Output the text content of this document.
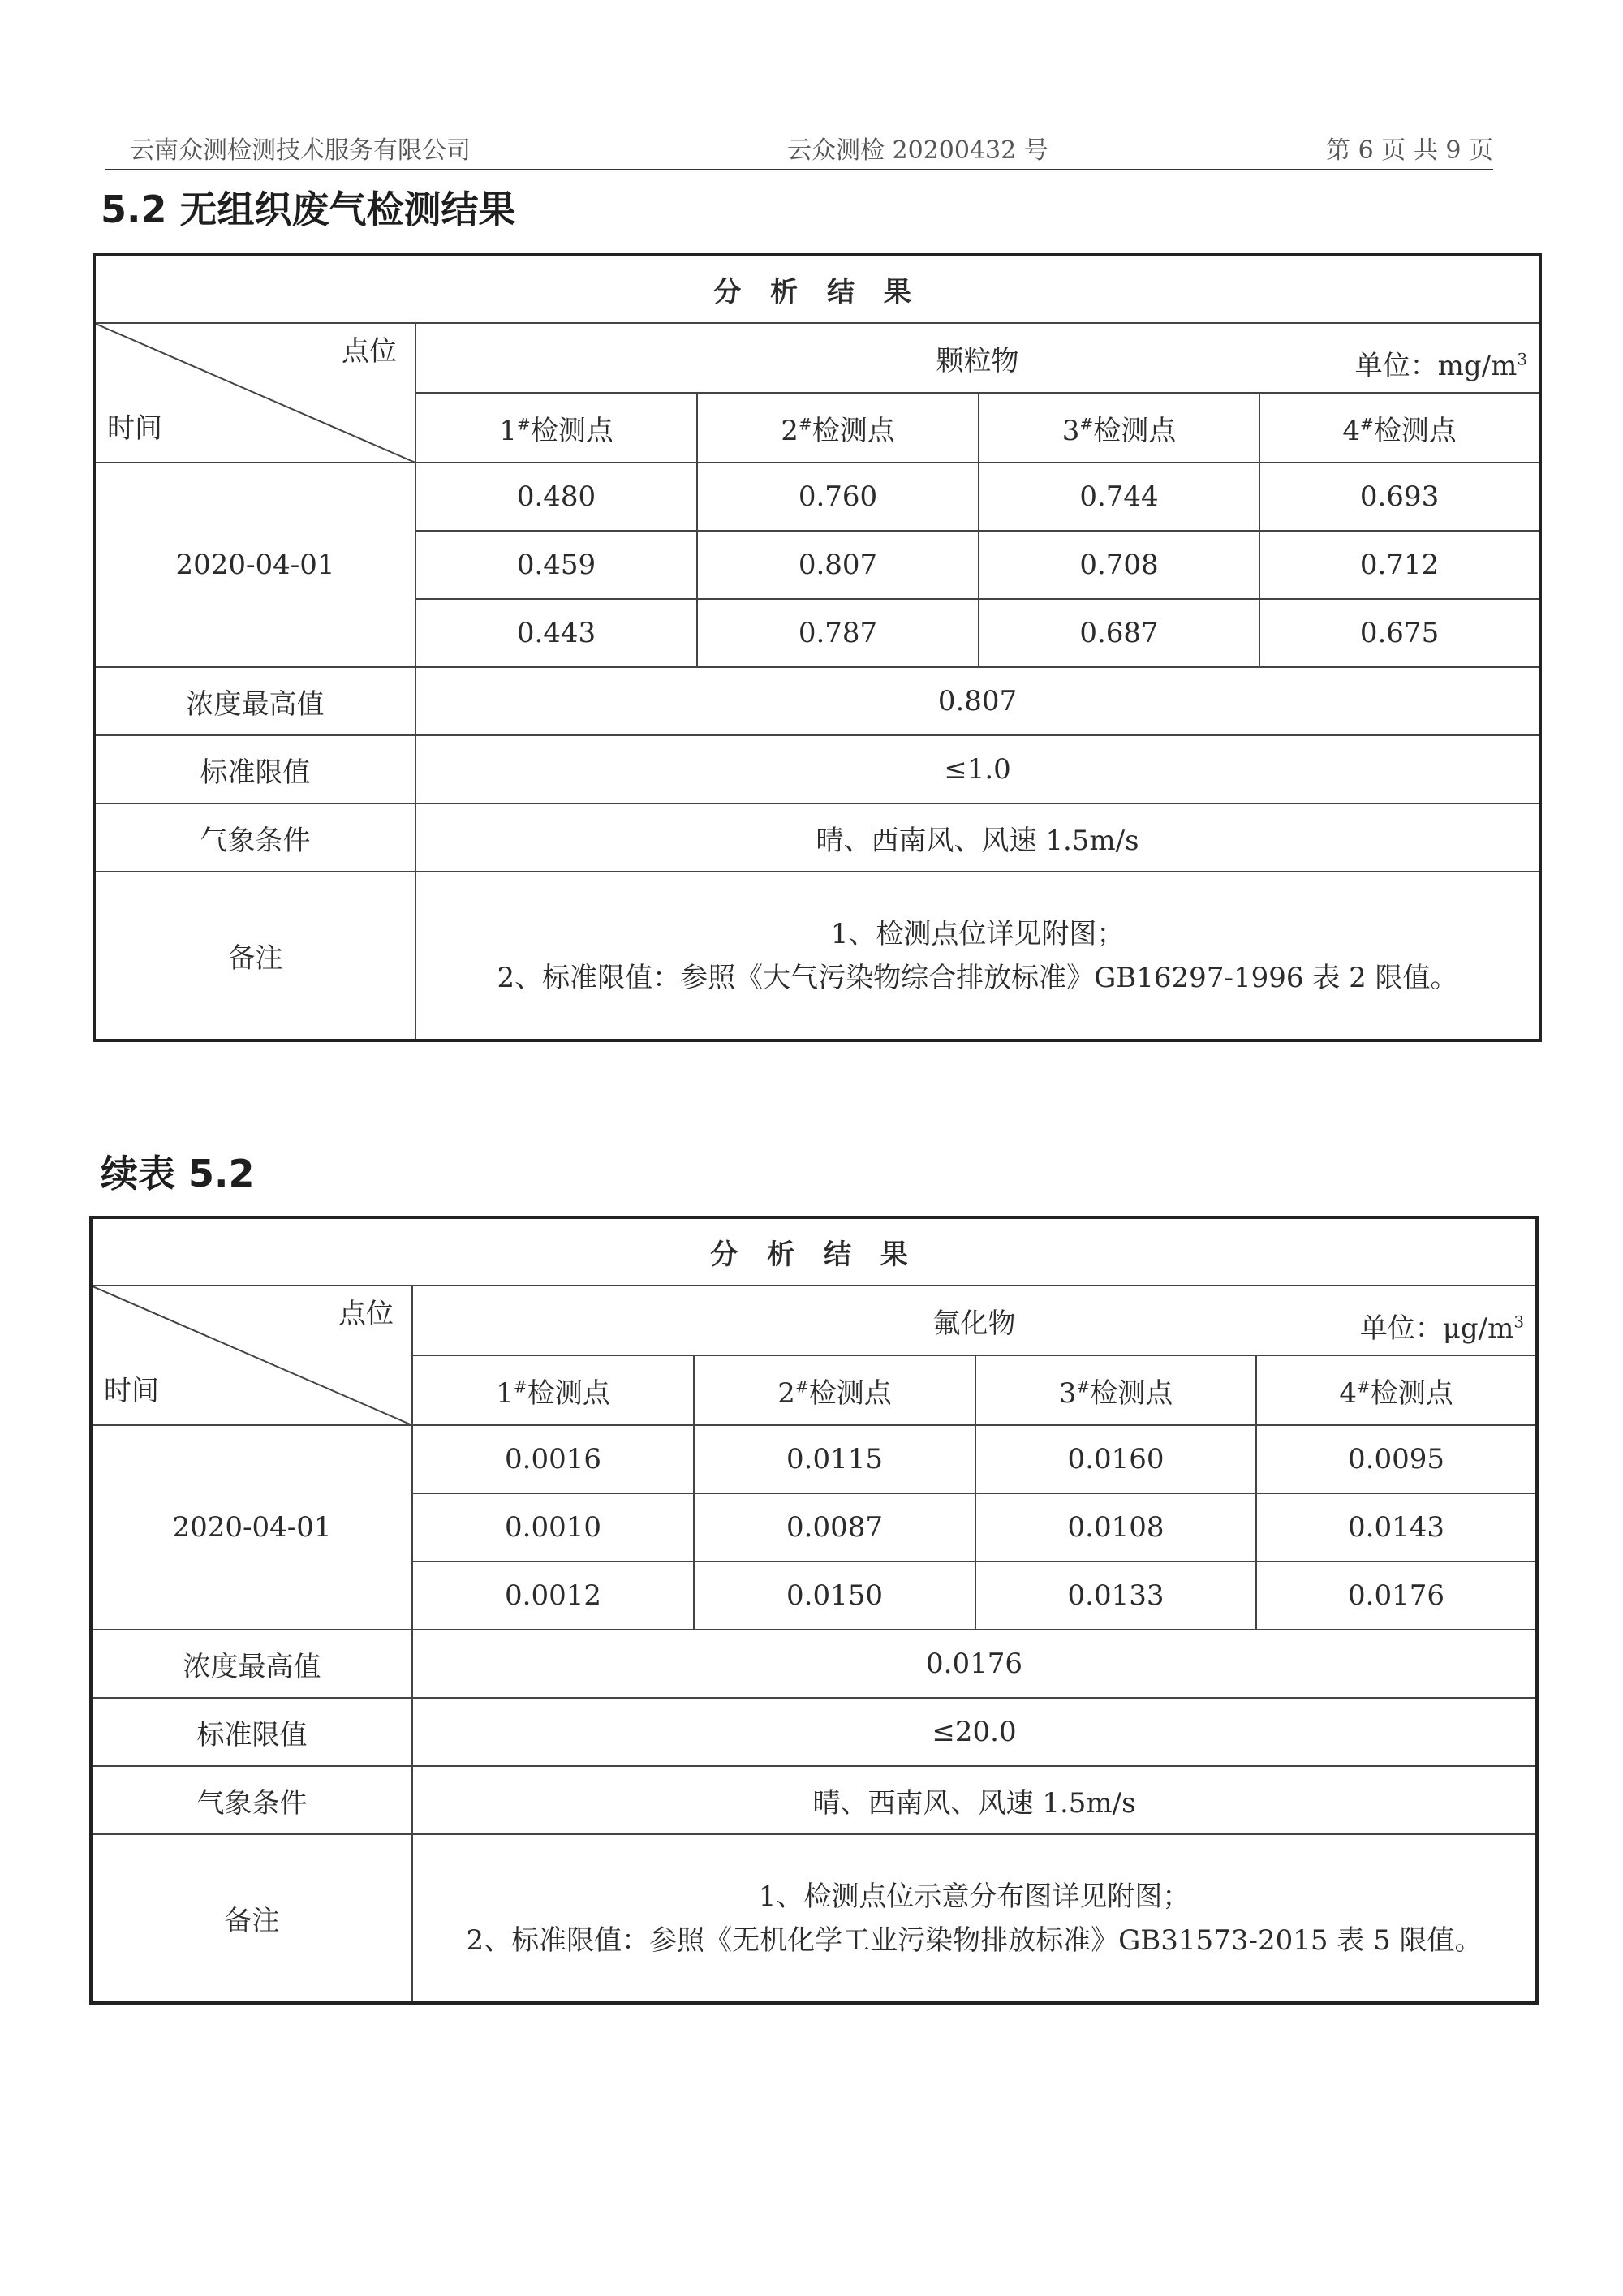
云南众测检测技术服务有限公司	云众测检 20200432 号	第 6 页 共 9 页
5.2 无组织废气检测结果
分 析 结 果				

点位
时间	颗粒物 单位：$mg/m^3$

	1#检测点	2#检测点	3#检测点	4#检测点
2020-04-01	0.480	0.760	0.744	0.693
	0.459	0.807	0.708	0.712
	0.443	0.787	0.687	0.675
浓度最高值	0.807			
标准限值	≤1.0			
气象条件	晴、西南风、风速 1.5m/s			
备注	1、检测点位详见附图；
2、标准限值：参照《大气污染物综合排放标准》GB16297-1996 表 2 限值。			
续表 5.2
分 析 结 果				

点位
时间	氟化物 单位：$\mu g/m^3$

	1#检测点	2#检测点	3#检测点	4#检测点
2020-04-01	0.0016	0.0115	0.0160	0.0095
	0.0010	0.0087	0.0108	0.0143
	0.0012	0.0150	0.0133	0.0176
浓度最高值	0.0176			
标准限值	≤20.0			
气象条件	晴、西南风、风速 1.5m/s			
备注	1、检测点位示意分布图详见附图；
2、标准限值：参照《无机化学工业污染物排放标准》GB31573-2015 表 5 限值。			
